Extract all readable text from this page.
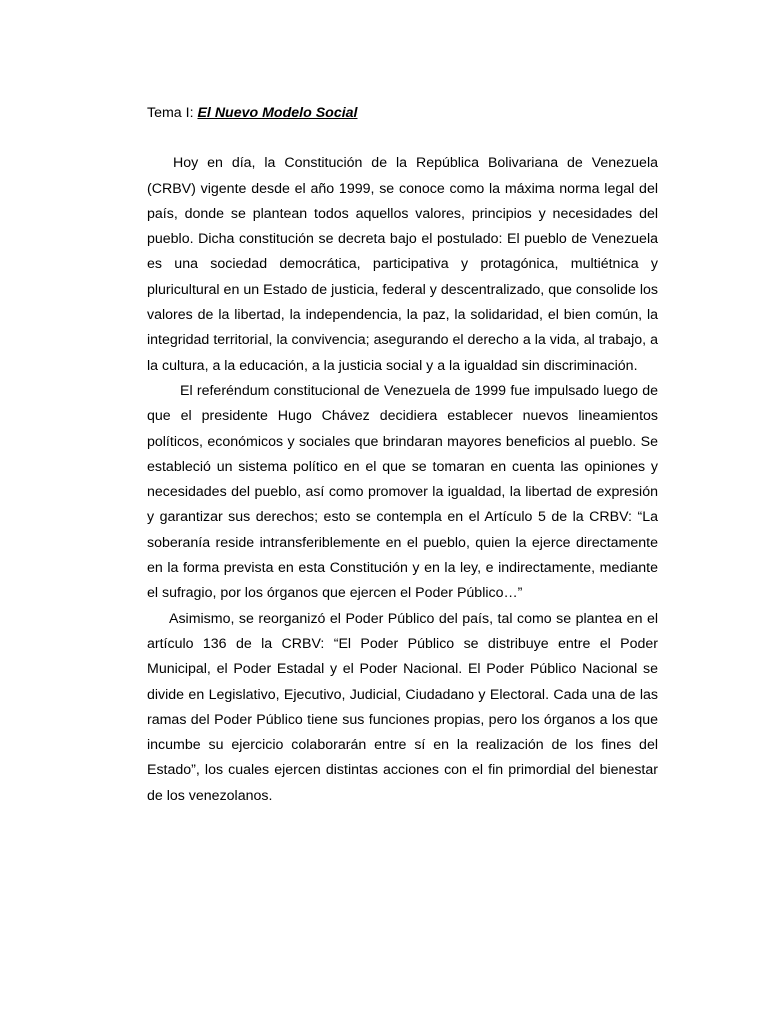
Tema I: El Nuevo Modelo Social

Hoy en día, la Constitución de la República Bolivariana de Venezuela (CRBV) vigente desde el año 1999, se conoce como la máxima norma legal del país, donde se plantean todos aquellos valores, principios y necesidades del pueblo. Dicha constitución se decreta bajo el postulado: El pueblo de Venezuela es una sociedad democrática, participativa y protagónica, multiétnica y pluricultural en un Estado de justicia, federal y descentralizado, que consolide los valores de la libertad, la independencia, la paz, la solidaridad, el bien común, la integridad territorial, la convivencia; asegurando el derecho a la vida, al trabajo, a la cultura, a la educación, a la justicia social y a la igualdad sin discriminación.

El referéndum constitucional de Venezuela de 1999 fue impulsado luego de que el presidente Hugo Chávez decidiera establecer nuevos lineamientos políticos, económicos y sociales que brindaran mayores beneficios al pueblo. Se estableció un sistema político en el que se tomaran en cuenta las opiniones y necesidades del pueblo, así como promover la igualdad, la libertad de expresión y garantizar sus derechos; esto se contempla en el Artículo 5 de la CRBV: “La soberanía reside intransferiblemente en el pueblo, quien la ejerce directamente en la forma prevista en esta Constitución y en la ley, e indirectamente, mediante el sufragio, por los órganos que ejercen el Poder Público…”

Asimismo, se reorganizó el Poder Público del país, tal como se plantea en el artículo 136 de la CRBV: “El Poder Público se distribuye entre el Poder Municipal, el Poder Estadal y el Poder Nacional. El Poder Público Nacional se divide en Legislativo, Ejecutivo, Judicial, Ciudadano y Electoral. Cada una de las ramas del Poder Público tiene sus funciones propias, pero los órganos a los que incumbe su ejercicio colaborarán entre sí en la realización de los fines del Estado”, los cuales ejercen distintas acciones con el fin primordial del bienestar de los venezolanos.
